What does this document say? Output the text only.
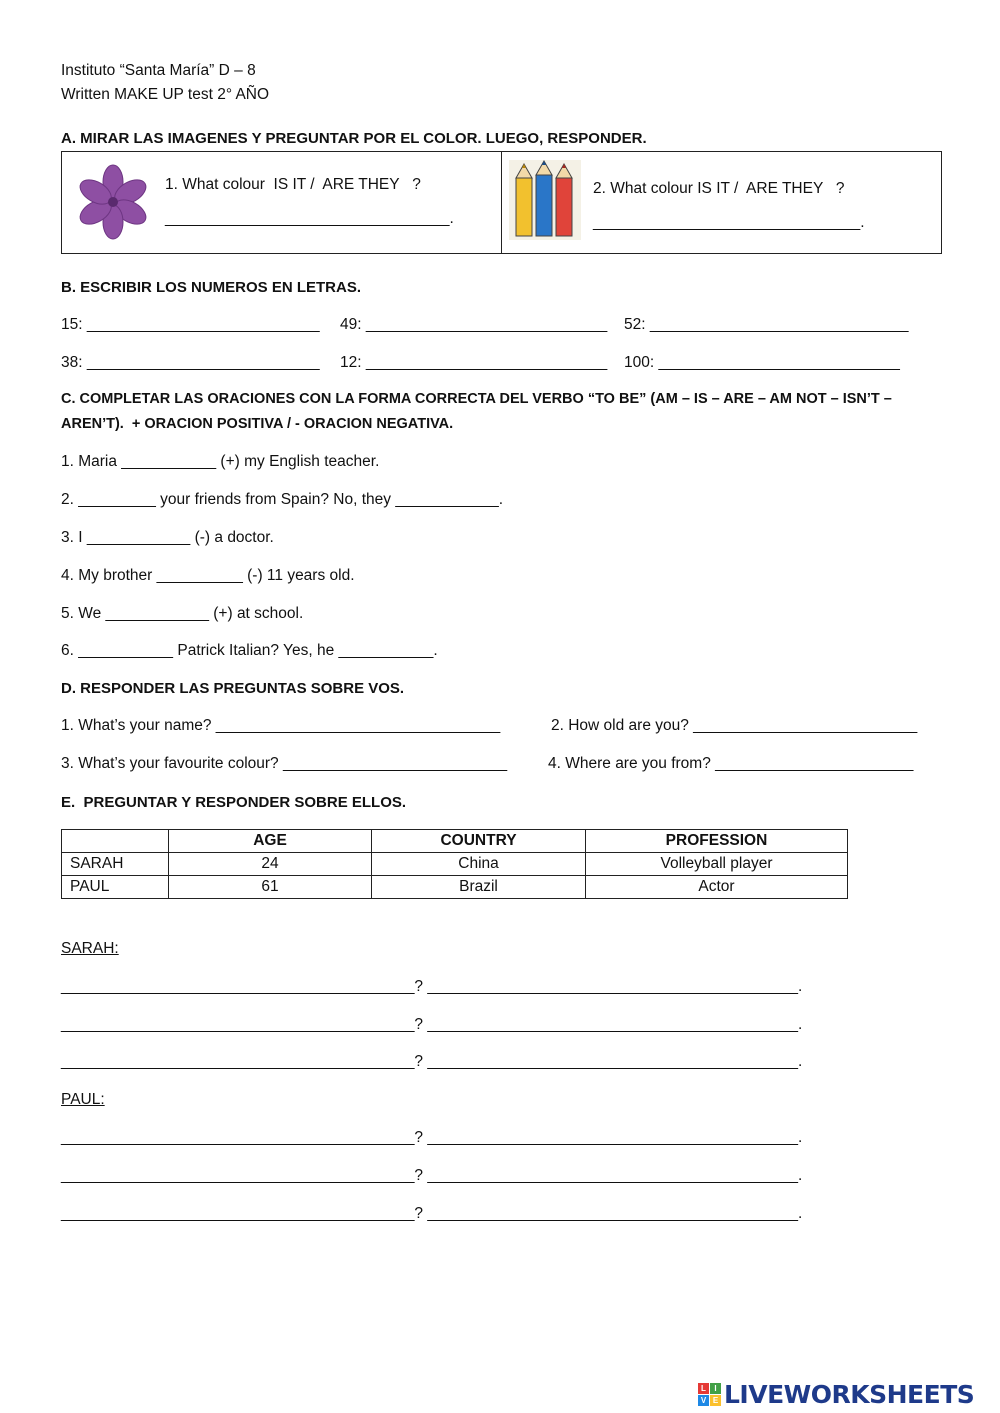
Instituto “Santa María” D – 8
Written MAKE UP test 2° AÑO
A. MIRAR LAS IMAGENES Y PREGUNTAR POR EL COLOR. LUEGO, RESPONDER.
1. What colour  IS IT /  ARE THEY   ?
_________________________________.
2. What colour IS IT /  ARE THEY   ?
_______________________________.
B. ESCRIBIR LOS NUMEROS EN LETRAS.
15: ___________________________ 49: ____________________________ 52: ______________________________
38: ___________________________ 12: ____________________________ 100: ____________________________
C. COMPLETAR LAS ORACIONES CON LA FORMA CORRECTA DEL VERBO “TO BE” (AM – IS – ARE – AM NOT – ISN’T –
AREN’T).  + ORACION POSITIVA / - ORACION NEGATIVA.
1. Maria ___________ (+) my English teacher.
2. _________ your friends from Spain? No, they ____________.
3. I ____________ (-) a doctor.
4. My brother __________ (-) 11 years old.
5. We ____________ (+) at school.
6. ___________ Patrick Italian? Yes, he ___________.
D. RESPONDER LAS PREGUNTAS SOBRE VOS.
1. What’s your name? _________________________________	2. How old are you? __________________________
3. What’s your favourite colour? __________________________	4. Where are you from? _______________________
E.  PREGUNTAR Y RESPONDER SOBRE ELLOS.
	AGE	COUNTRY	PROFESSION
SARAH	24	China	Volleyball player
PAUL	61	Brazil	Actor
SARAH:
_________________________________________? ___________________________________________.
_________________________________________? ___________________________________________.
_________________________________________? ___________________________________________.
PAUL:
_________________________________________? ___________________________________________.
_________________________________________? ___________________________________________.
_________________________________________? ___________________________________________.
L	I
V E LIVEWORKSHEETS
